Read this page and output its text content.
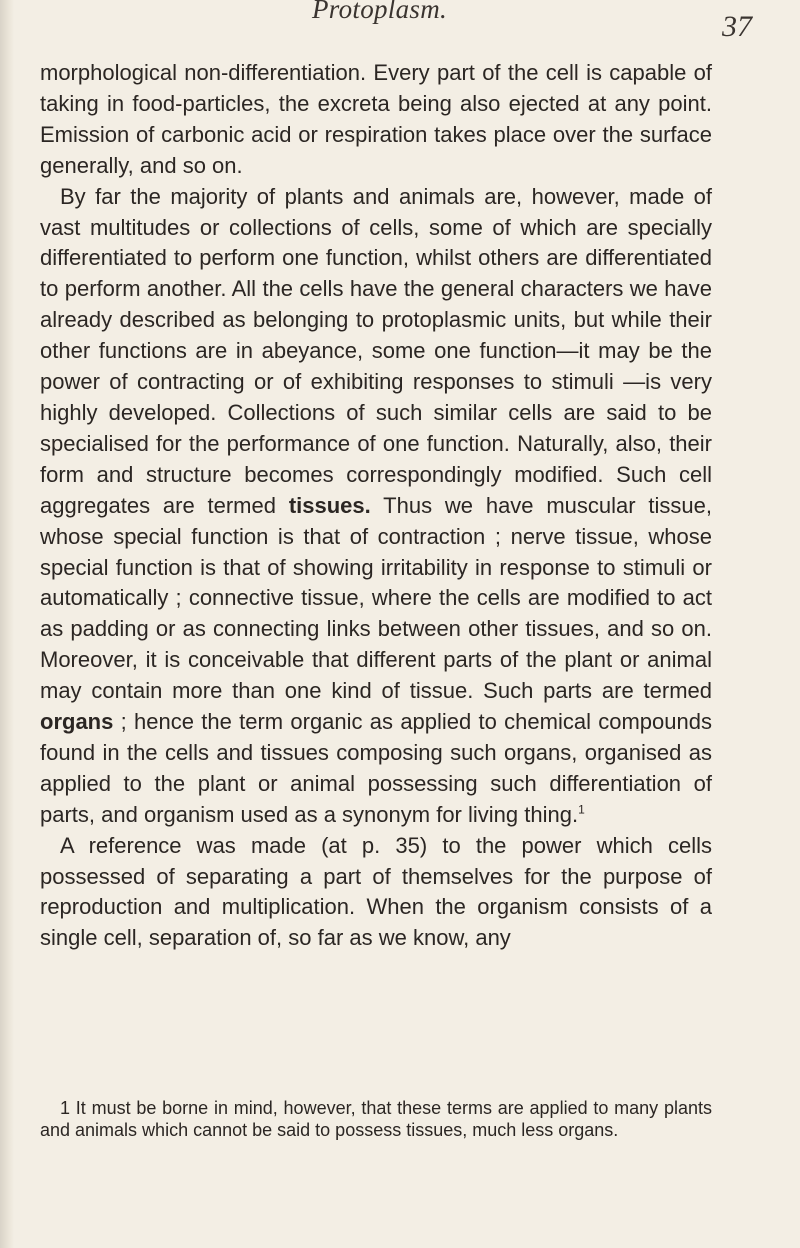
Protoplasm.
37

morphological non-differentiation. Every part of the cell is capable of taking in food-particles, the excreta being also ejected at any point. Emission of carbonic acid or respiration takes place over the surface generally, and so on.

By far the majority of plants and animals are, however, made of vast multitudes or collections of cells, some of which are specially differentiated to perform one function, whilst others are differentiated to perform another. All the cells have the general characters we have already described as belonging to protoplasmic units, but while their other functions are in abeyance, some one function—it may be the power of contracting or of exhibiting responses to stimuli —is very highly developed. Collections of such similar cells are said to be specialised for the performance of one function. Naturally, also, their form and structure becomes correspondingly modified. Such cell aggregates are termed tissues. Thus we have muscular tissue, whose special function is that of contraction ; nerve tissue, whose special function is that of showing irritability in response to stimuli or automatically ; connective tissue, where the cells are modified to act as padding or as connecting links between other tissues, and so on. Moreover, it is conceivable that different parts of the plant or animal may contain more than one kind of tissue. Such parts are termed organs ; hence the term organic as applied to chemical compounds found in the cells and tissues composing such organs, organised as applied to the plant or animal possessing such differentiation of parts, and organism used as a synonym for living thing.$^1$

A reference was made (at p. 35) to the power which cells possessed of separating a part of themselves for the purpose of reproduction and multiplication. When the organism consists of a single cell, separation of, so far as we know, any

1 It must be borne in mind, however, that these terms are applied to many plants and animals which cannot be said to possess tissues, much less organs.
